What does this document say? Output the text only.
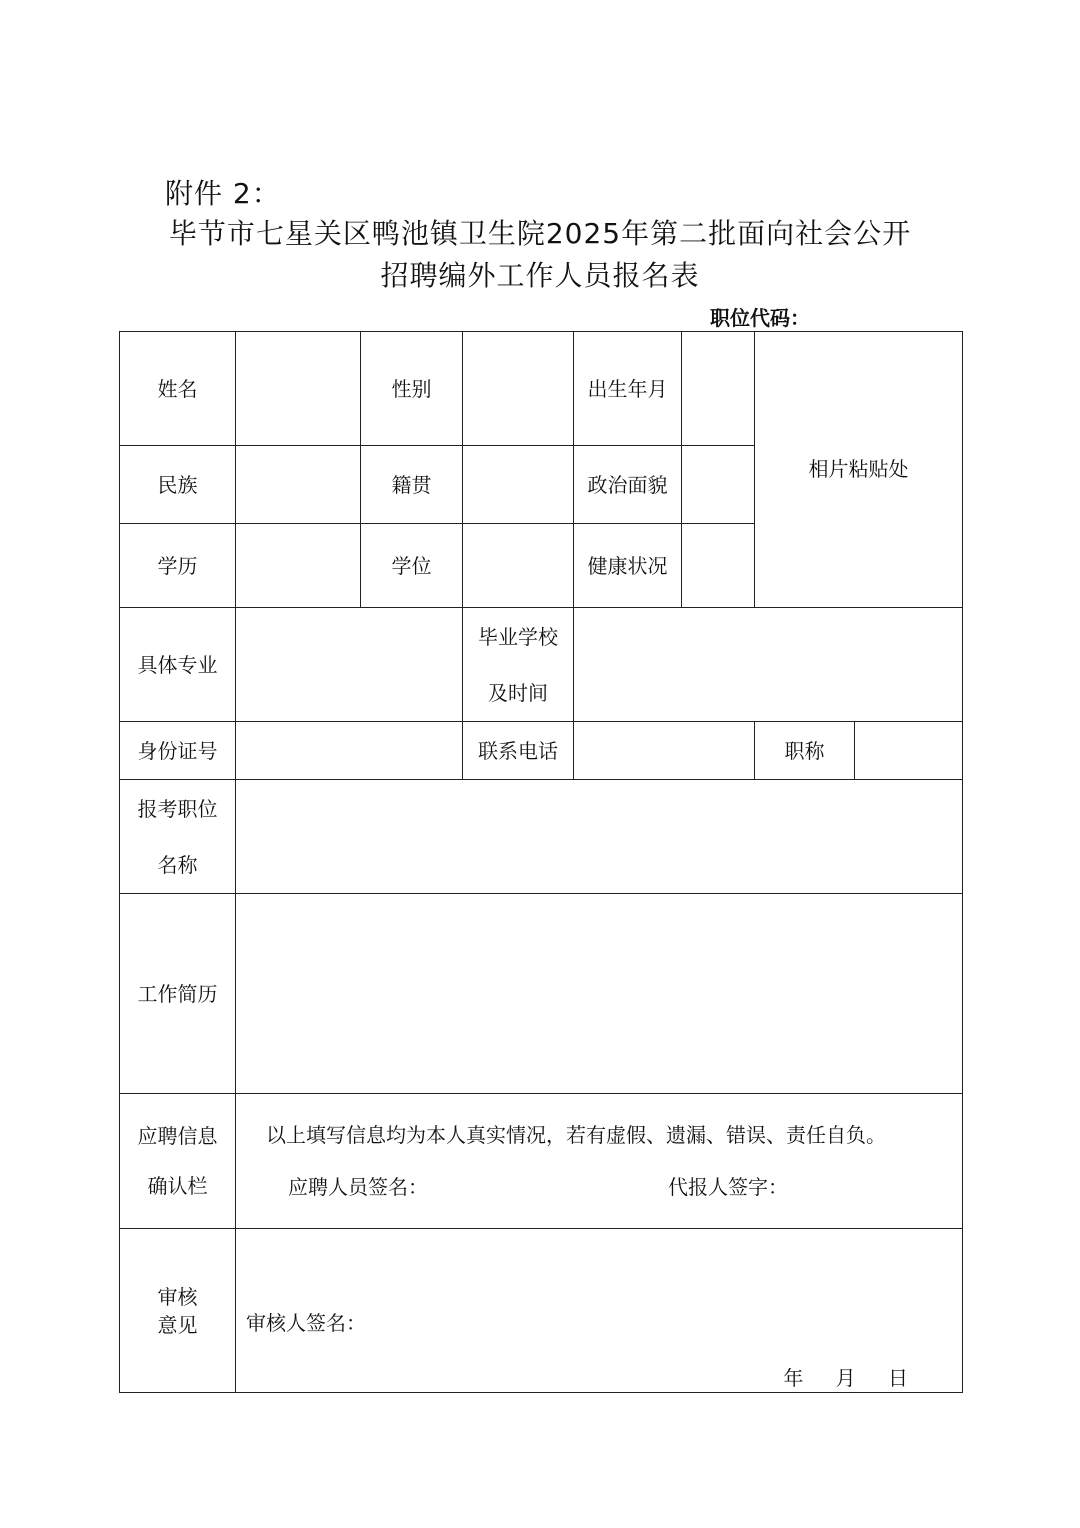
附件 2：
毕节市七星关区鸭池镇卫生院2025年第二批面向社会公开
招聘编外工作人员报名表
职位代码：
姓名		性别		出生年月		相片粘贴处	
民族		籍贯		政治面貌			
学历		学位		健康状况			
具体专业			毕业学校
及时间				

身份证号			联系电话			职称	

报考职位
名称							

工作简历							

应聘信息
确认栏	以上填写信息均为本人真实情况，若有虚假、遗漏、错误、责任自负。
应聘人员签名： 代报人签字：						

审核
意见	审核人签名：
年 月 日						
